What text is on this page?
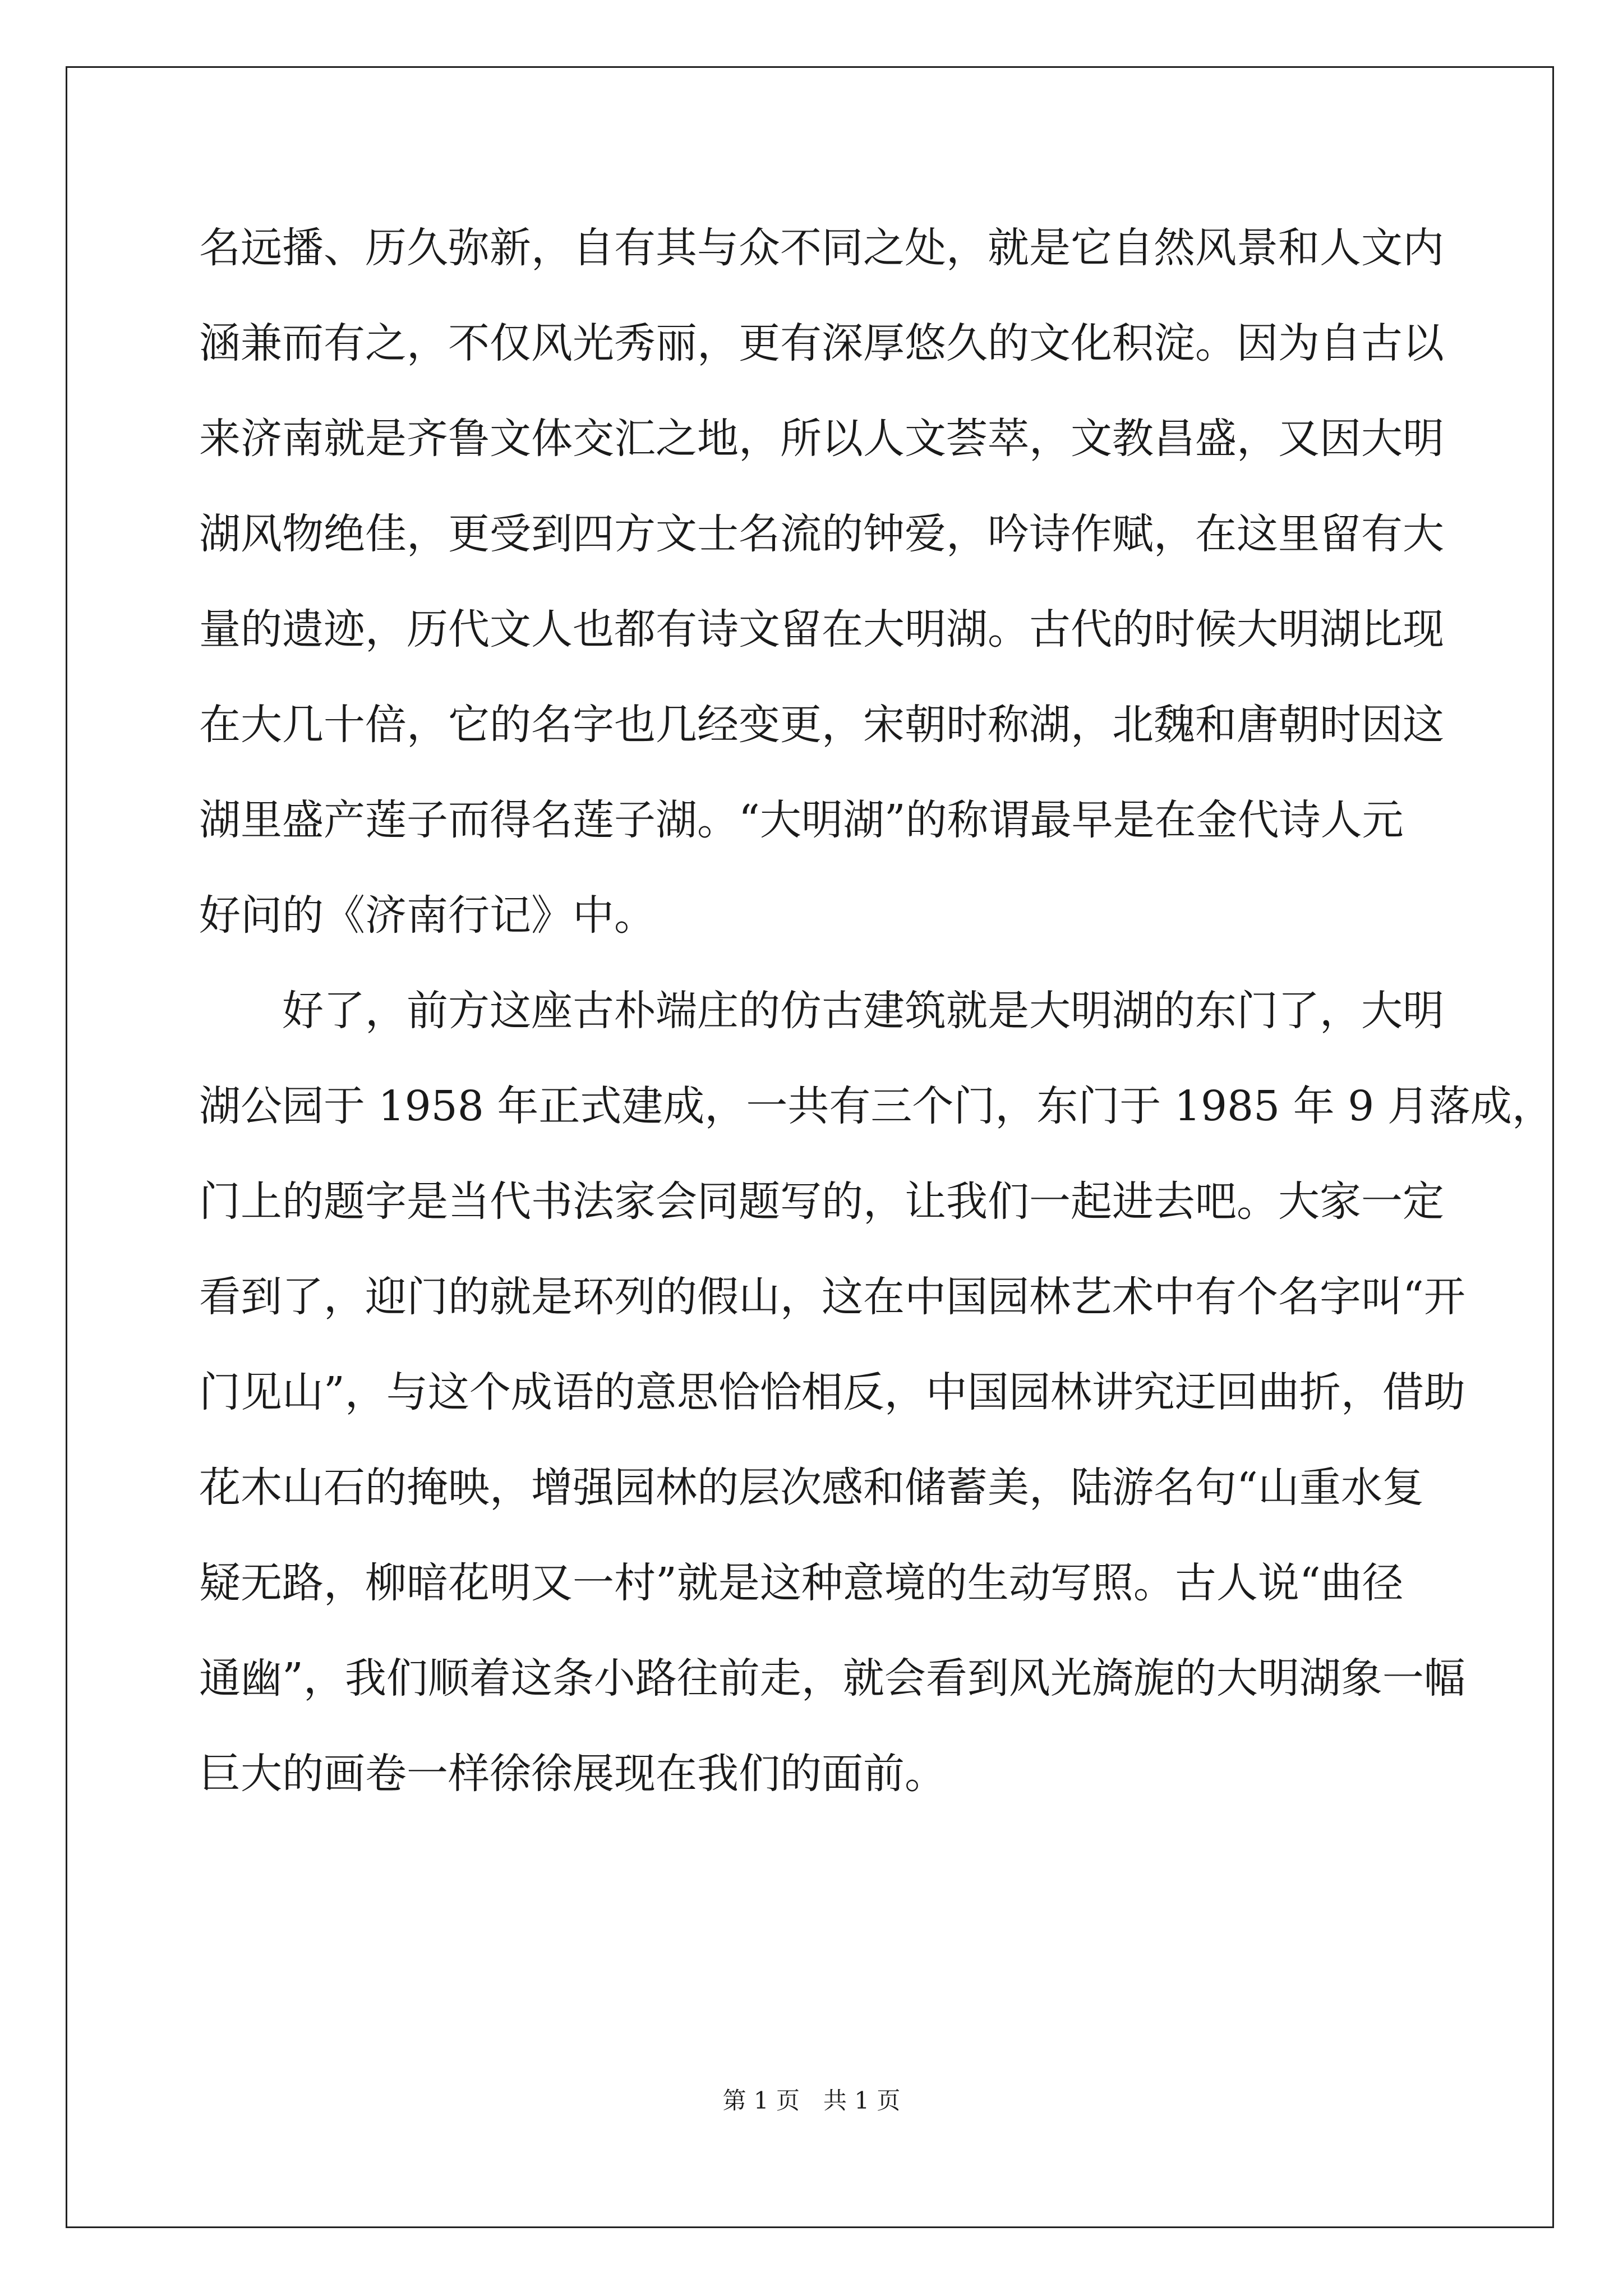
名远播、历久弥新，自有其与众不同之处，就是它自然风景和人文内
涵兼而有之，不仅风光秀丽，更有深厚悠久的文化积淀。因为自古以
来济南就是齐鲁文体交汇之地，所以人文荟萃，文教昌盛，又因大明
湖风物绝佳，更受到四方文士名流的钟爱，吟诗作赋，在这里留有大
量的遗迹，历代文人也都有诗文留在大明湖。古代的时候大明湖比现
在大几十倍，它的名字也几经变更，宋朝时称湖，北魏和唐朝时因这
湖里盛产莲子而得名莲子湖。“大明湖”的称谓最早是在金代诗人元
好问的《济南行记》中。
　　好了，前方这座古朴端庄的仿古建筑就是大明湖的东门了，大明
湖公园于 1958 年正式建成，一共有三个门，东门于 1985 年 9 月落成，
门上的题字是当代书法家会同题写的，让我们一起进去吧。大家一定
看到了，迎门的就是环列的假山，这在中国园林艺术中有个名字叫“开
门见山”，与这个成语的意思恰恰相反，中国园林讲究迂回曲折，借助
花木山石的掩映，增强园林的层次感和储蓄美，陆游名句“山重水复
疑无路，柳暗花明又一村”就是这种意境的生动写照。古人说“曲径
通幽”，我们顺着这条小路往前走，就会看到风光旖旎的大明湖象一幅
巨大的画卷一样徐徐展现在我们的面前。
第 1 页　共 1 页
